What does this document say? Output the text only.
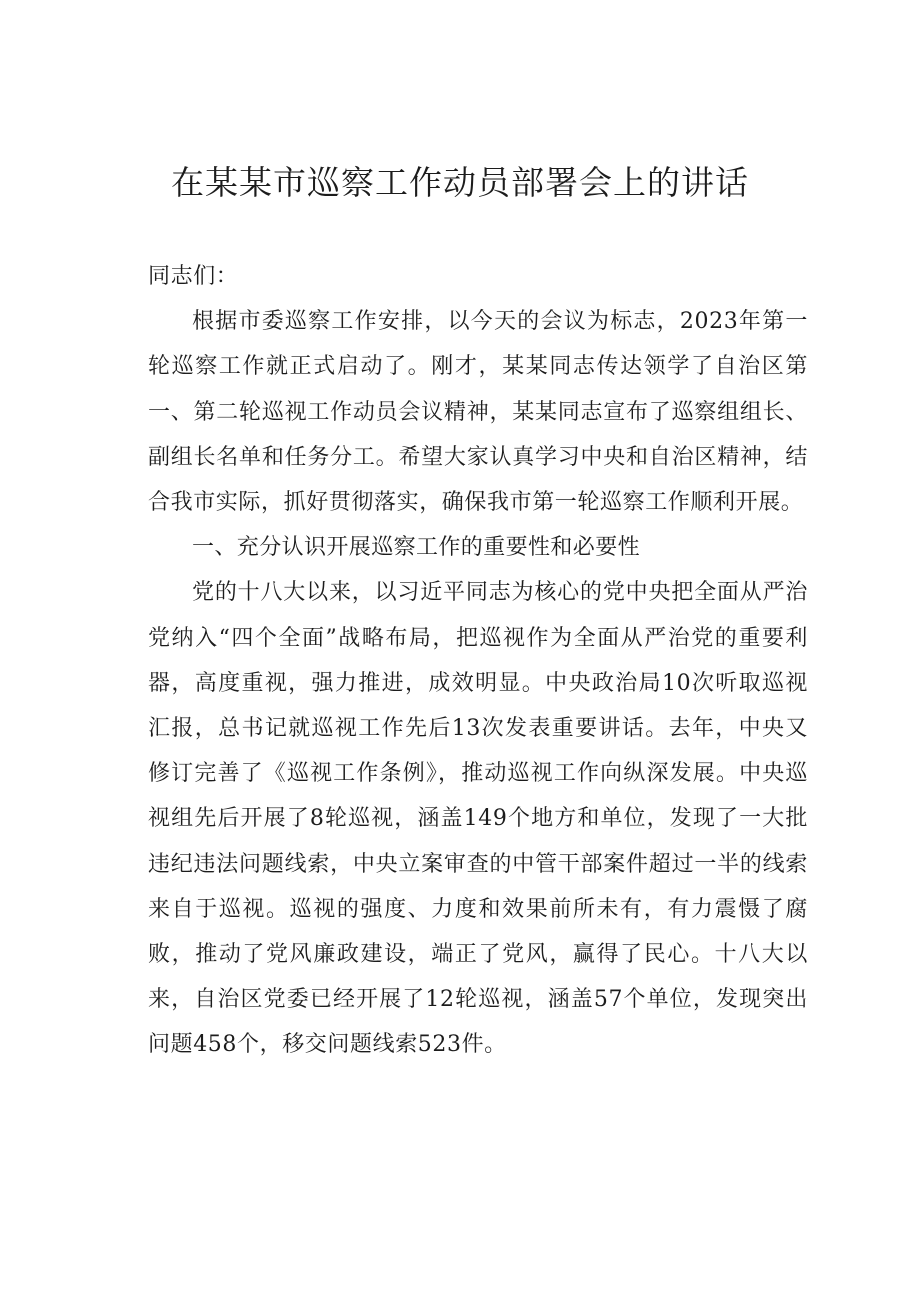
在某某市巡察工作动员部署会上的讲话

同志们：

根据市委巡察工作安排，以今天的会议为标志，2023年第一轮巡察工作就正式启动了。刚才，某某同志传达领学了自治区第一、第二轮巡视工作动员会议精神，某某同志宣布了巡察组组长、副组长名单和任务分工。希望大家认真学习中央和自治区精神，结合我市实际，抓好贯彻落实，确保我市第一轮巡察工作顺利开展。

一、充分认识开展巡察工作的重要性和必要性

党的十八大以来，以习近平同志为核心的党中央把全面从严治党纳入“四个全面”战略布局，把巡视作为全面从严治党的重要利器，高度重视，强力推进，成效明显。中央政治局10次听取巡视汇报，总书记就巡视工作先后13次发表重要讲话。去年，中央又修订完善了《巡视工作条例》，推动巡视工作向纵深发展。中央巡视组先后开展了8轮巡视，涵盖149个地方和单位，发现了一大批违纪违法问题线索，中央立案审查的中管干部案件超过一半的线索来自于巡视。巡视的强度、力度和效果前所未有，有力震慑了腐败，推动了党风廉政建设，端正了党风，赢得了民心。十八大以来，自治区党委已经开展了12轮巡视，涵盖57个单位，发现突出问题458个，移交问题线索523件。
